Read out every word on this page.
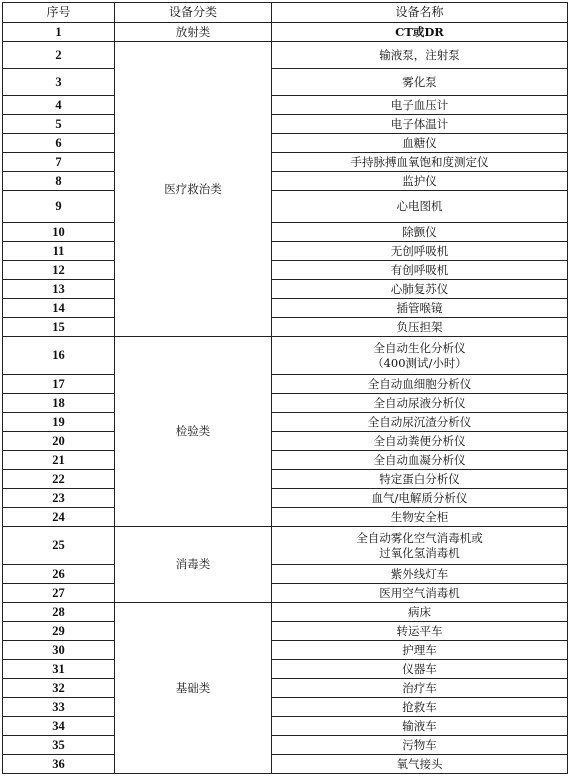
序号	设备分类	设备名称
1	放射类	CT或DR

2	医疗救治类	输液泵，注射泵

3		雾化泵

4		电子血压计

5		电子体温计

6		血糖仪

7		手持脉搏血氧饱和度测定仪

8		监护仪

9		心电图机

10		除颤仪

11		无创呼吸机

12		有创呼吸机

13		心肺复苏仪

14		插管喉镜

15		负压担架

16	检验类	全自动生化分析仪
（400测试/小时）

17		全自动血细胞分析仪

18		全自动尿液分析仪

19		全自动尿沉渣分析仪

20		全自动粪便分析仪

21		全自动血凝分析仪

22		特定蛋白分析仪

23		血气/电解质分析仪

24		生物安全柜

25	消毒类	全自动雾化空气消毒机或
过氧化氢消毒机

26		紫外线灯车

27		医用空气消毒机

28	基础类	病床

29		转运平车

30		护理车

31		仪器车

32		治疗车

33		抢救车

34		输液车

35		污物车

36		氧气接头
